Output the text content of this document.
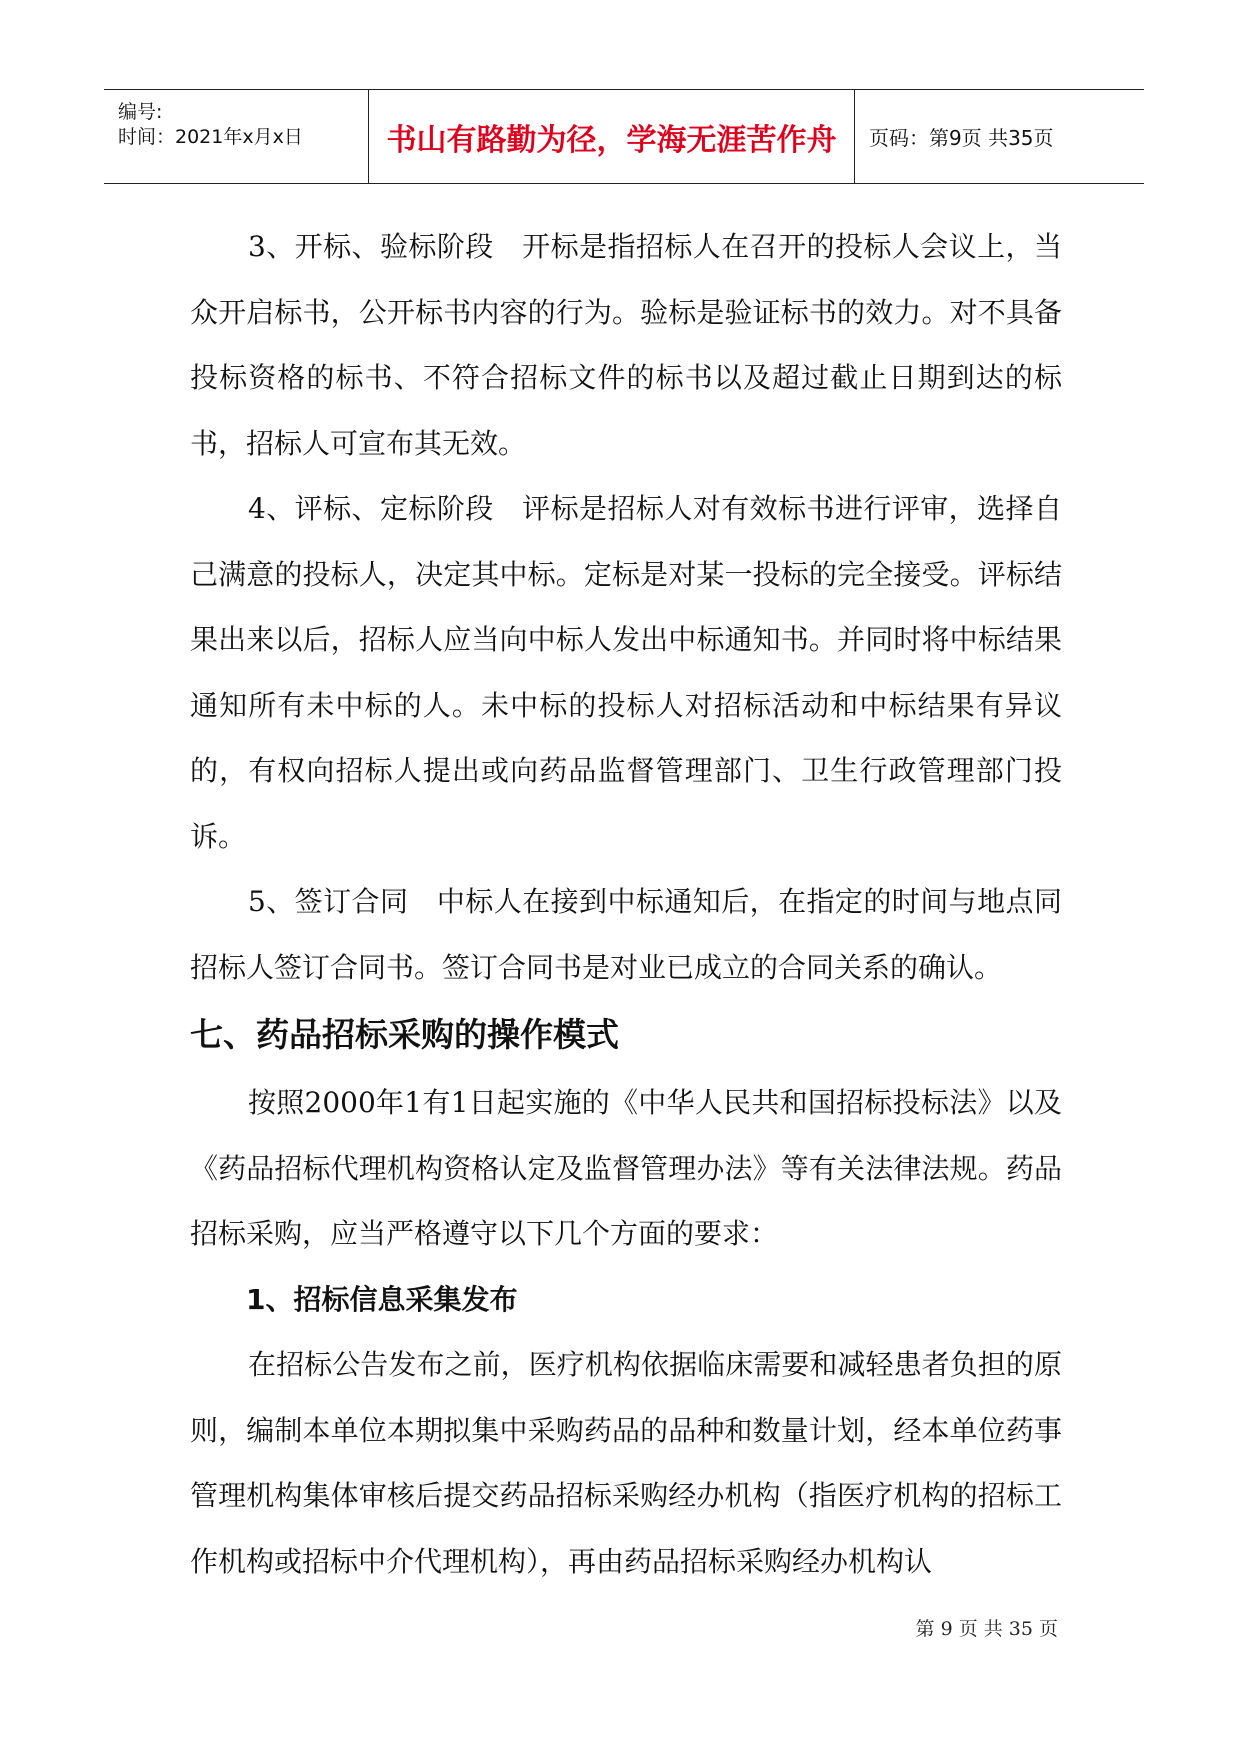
编号:
时间：2021年x月x日	书山有路勤为径，学海无涯苦作舟 页码：第9页 共35页

3、开标、验标阶段 开标是指招标人在召开的投标人会议上，当众开启标书，公开标书内容的行为。验标是验证标书的效力。对不具备投标资格的标书、不符合招标文件的标书以及超过截止日期到达的标书，招标人可宣布其无效。

4、评标、定标阶段 评标是招标人对有效标书进行评审，选择自己满意的投标人，决定其中标。定标是对某一投标的完全接受。评标结果出来以后，招标人应当向中标人发出中标通知书。并同时将中标结果通知所有未中标的人。未中标的投标人对招标活动和中标结果有异议的，有权向招标人提出或向药品监督管理部门、卫生行政管理部门投诉。

5、签订合同 中标人在接到中标通知后，在指定的时间与地点同招标人签订合同书。签订合同书是对业已成立的合同关系的确认。

七、药品招标采购的操作模式

按照2000年1有1日起实施的《中华人民共和国招标投标法》以及《药品招标代理机构资格认定及监督管理办法》等有关法律法规。药品招标采购，应当严格遵守以下几个方面的要求：

1、招标信息采集发布

在招标公告发布之前，医疗机构依据临床需要和减轻患者负担的原则，编制本单位本期拟集中采购药品的品种和数量计划，经本单位药事管理机构集体审核后提交药品招标采购经办机构（指医疗机构的招标工作机构或招标中介代理机构），再由药品招标采购经办机构认

第 9 页 共 35 页
